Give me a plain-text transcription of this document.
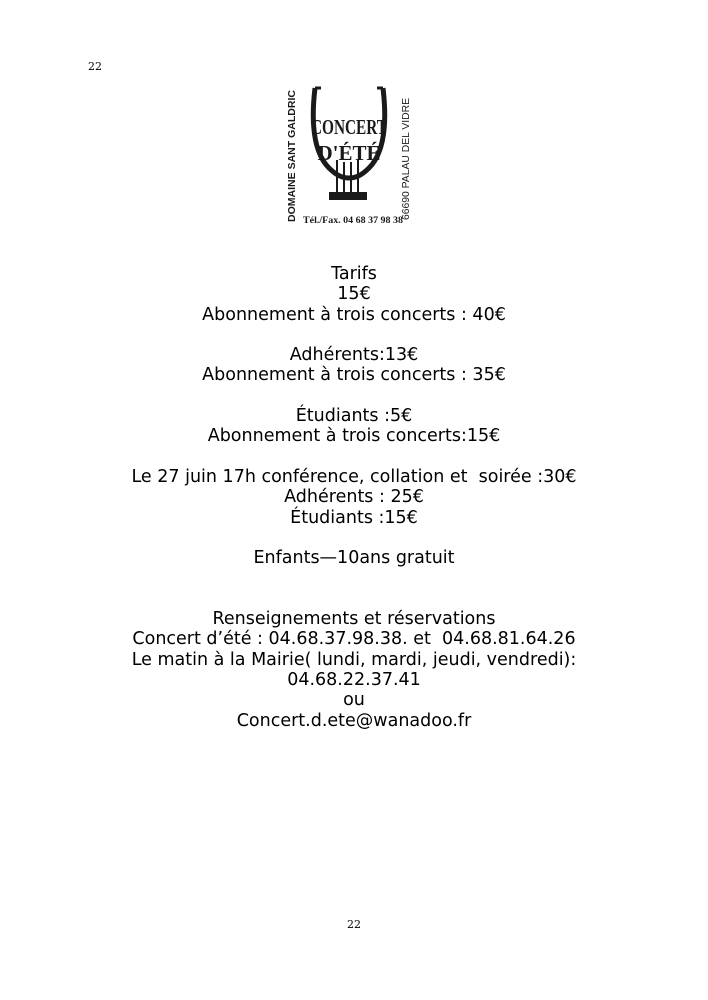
22
CONCERT
D'ÉTÉ
DOMAINE SANT GALDRIC	66690 PALAU DEL VIDRE
Tél./Fax. 04 68 37 98 38
Tarifs
15€
Abonnement à trois concerts : 40€
Adhérents:13€
Abonnement à trois concerts : 35€
Étudiants :5€
Abonnement à trois concerts:15€
Le 27 juin 17h conférence, collation et  soirée :30€
Adhérents : 25€
Étudiants :15€
Enfants—10ans gratuit
Renseignements et réservations
Concert d’été : 04.68.37.98.38. et  04.68.81.64.26
Le matin à la Mairie( lundi, mardi, jeudi, vendredi):
04.68.22.37.41
ou
Concert.d.ete@wanadoo.fr
22
